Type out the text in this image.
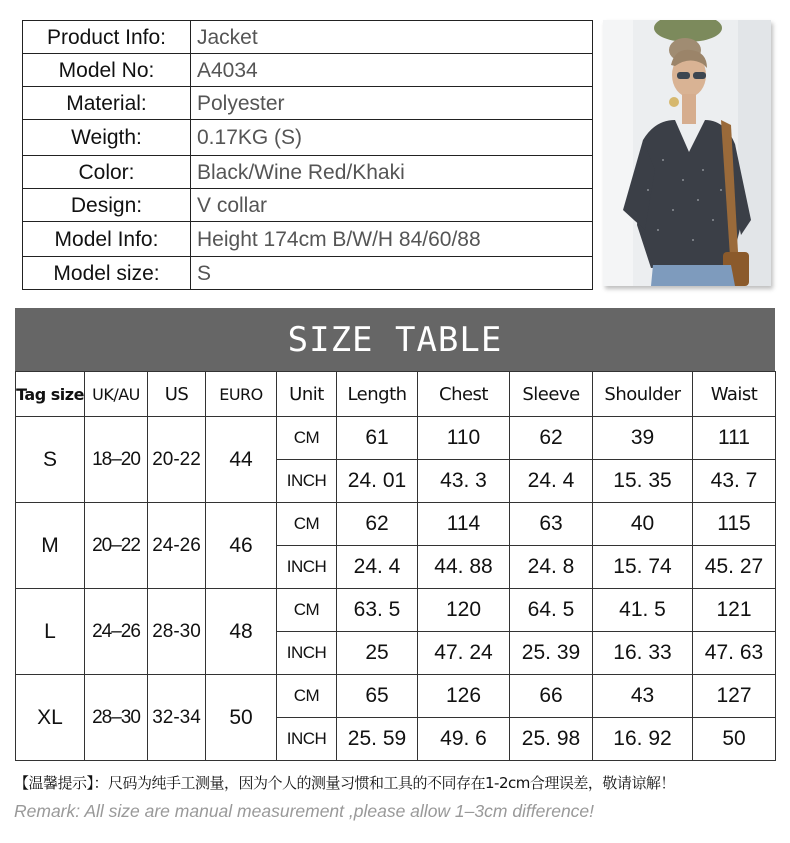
Product Info:	Jacket
Model No:	A4034
Material:	Polyester
Weigth:	0.17KG (S)
Color:	Black/Wine Red/Khaki
Design:	V collar
Model Info:	Height 174cm B/W/H 84/60/88
Model size:	S
SIZE TABLE
Tag size	UK/AU	US	EURO	Unit	Length	Chest	Sleeve	Shoulder	Waist
S	18–20	20-22	44	CM	61	110	62	39	111
				INCH	24. 01	43. 3	24. 4	15. 35	43. 7
M	20–22	24-26	46	CM	62	114	63	40	115
				INCH	24. 4	44. 88	24. 8	15. 74	45. 27
L	24–26	28-30	48	CM	63. 5	120	64. 5	41. 5	121
				INCH	25	47. 24	25. 39	16. 33	47. 63
XL	28–30	32-34	50	CM	65	126	66	43	127
				INCH	25. 59	49. 6	25. 98	16. 92	50
【温馨提示】：尺码为纯手工测量，因为个人的测量习惯和工具的不同存在1-2cm合理误差，敬请谅解！
Remark: All size are manual measurement ,please allow 1–3cm difference!
